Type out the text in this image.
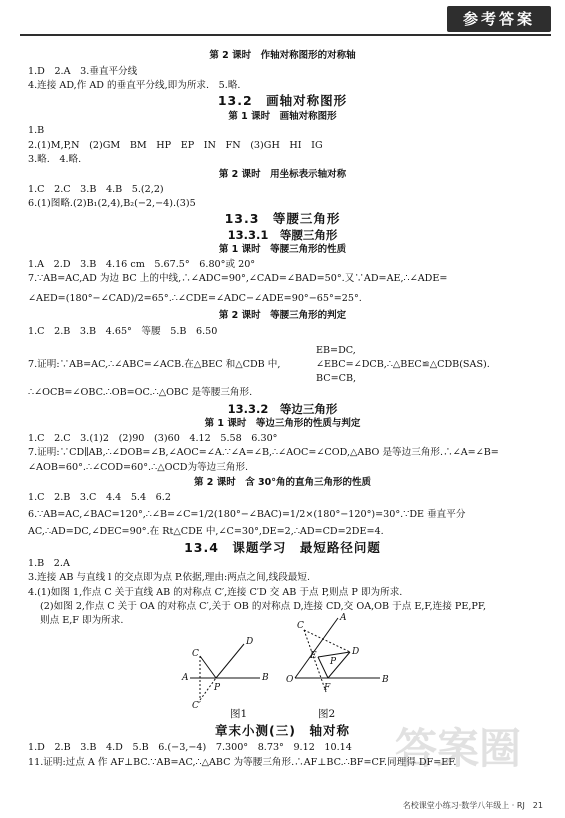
参考答案
第 2 课时　作轴对称图形的对称轴
1.D　2.A　3.垂直平分线
4.连接 AD,作 AD 的垂直平分线,即为所求.　5.略.
13.2　画轴对称图形
第 1 课时　画轴对称图形
1.B
2.(1)M,P,N　(2)GM　BM　HP　EP　IN　FN　(3)GH　HI　IG
3.略.　4.略.
第 2 课时　用坐标表示轴对称
1.C　2.C　3.B　4.B　5.(2,2)
6.(1)图略.(2)B₁(2,4),B₂(−2,−4).(3)5
13.3　等腰三角形
13.3.1　等腰三角形
第 1 课时　等腰三角形的性质
1.A　2.D　3.B　4.16 cm　5.67.5°　6.80°或 20°
7.∵AB=AC,AD 为边 BC 上的中线,∴∠ADC=90°,∠CAD=∠BAD=50°.又∵AD=AE,∴∠ADE=
∠AED=(180°−∠CAD)/2=65°.∴∠CDE=∠ADC−∠ADE=90°−65°=25°.
第 2 课时　等腰三角形的判定
1.C　2.B　3.B　4.65°　等腰　5.B　6.50
EB=DC,
7.证明:∵AB=AC,∴∠ABC=∠ACB.在△BEC 和△CDB 中,	∠EBC=∠DCB,∴△BEC≌△CDB(SAS).
BC=CB,
∴∠OCB=∠OBC.∴OB=OC.∴△OBC 是等腰三角形.
13.3.2　等边三角形
第 1 课时　等边三角形的性质与判定
1.C　2.C　3.(1)2　(2)90　(3)60　4.12　5.58　6.30°
7.证明:∵CD∥AB,∴∠DOB=∠B,∠AOC=∠A.∵∠A=∠B,∴∠AOC=∠COD,△ABO 是等边三角形.∴∠A=∠B=
∠AOB=60°.∴∠COD=60°.∴△OCD为等边三角形.
第 2 课时　含 30°角的直角三角形的性质
1.C　2.B　3.C　4.4　5.4　6.2
6.∵AB=AC,∠BAC=120°,∴∠B=∠C=1/2(180°−∠BAC)=1/2×(180°−120°)=30°.∵DE 垂直平分
AC,∴AD=DC,∠DEC=90°.在 Rt△CDE 中,∠C=30°,DE=2,∴AD=CD=2DE=4.
13.4　课题学习　最短路径问题
1.B　2.A
3.连接 AB 与直线 l 的交点即为点 P.依据,理由:两点之间,线段最短.
4.(1)如图 1,作点 C 关于直线 AB 的对称点 C′,连接 C′D 交 AB 于点 P,则点 P 即为所求.
(2)如图 2,作点 C 关于 OA 的对称点 C′,关于 OB 的对称点 D,连接 CD,交 OA,OB 于点 E,F,连接 PE,PF,
则点 E,F 即为所求.
章末小测(三)　轴对称
1.D　2.B　3.B　4.D　5.B　6.(−3,−4)　7.300°　8.73°　9.12　10.14
11.证明:过点 A 作 AF⊥BC.∵AB=AC,∴△ABC 为等腰三角形.∴AF⊥BC.∴BF=CF.同理得 DF=EF.
C
D
A
P
B
C′
C
A
E	D
P
O
F
B
图1	图2
答案圈
名校课堂小练习·数学八年级上 · RJ　21
